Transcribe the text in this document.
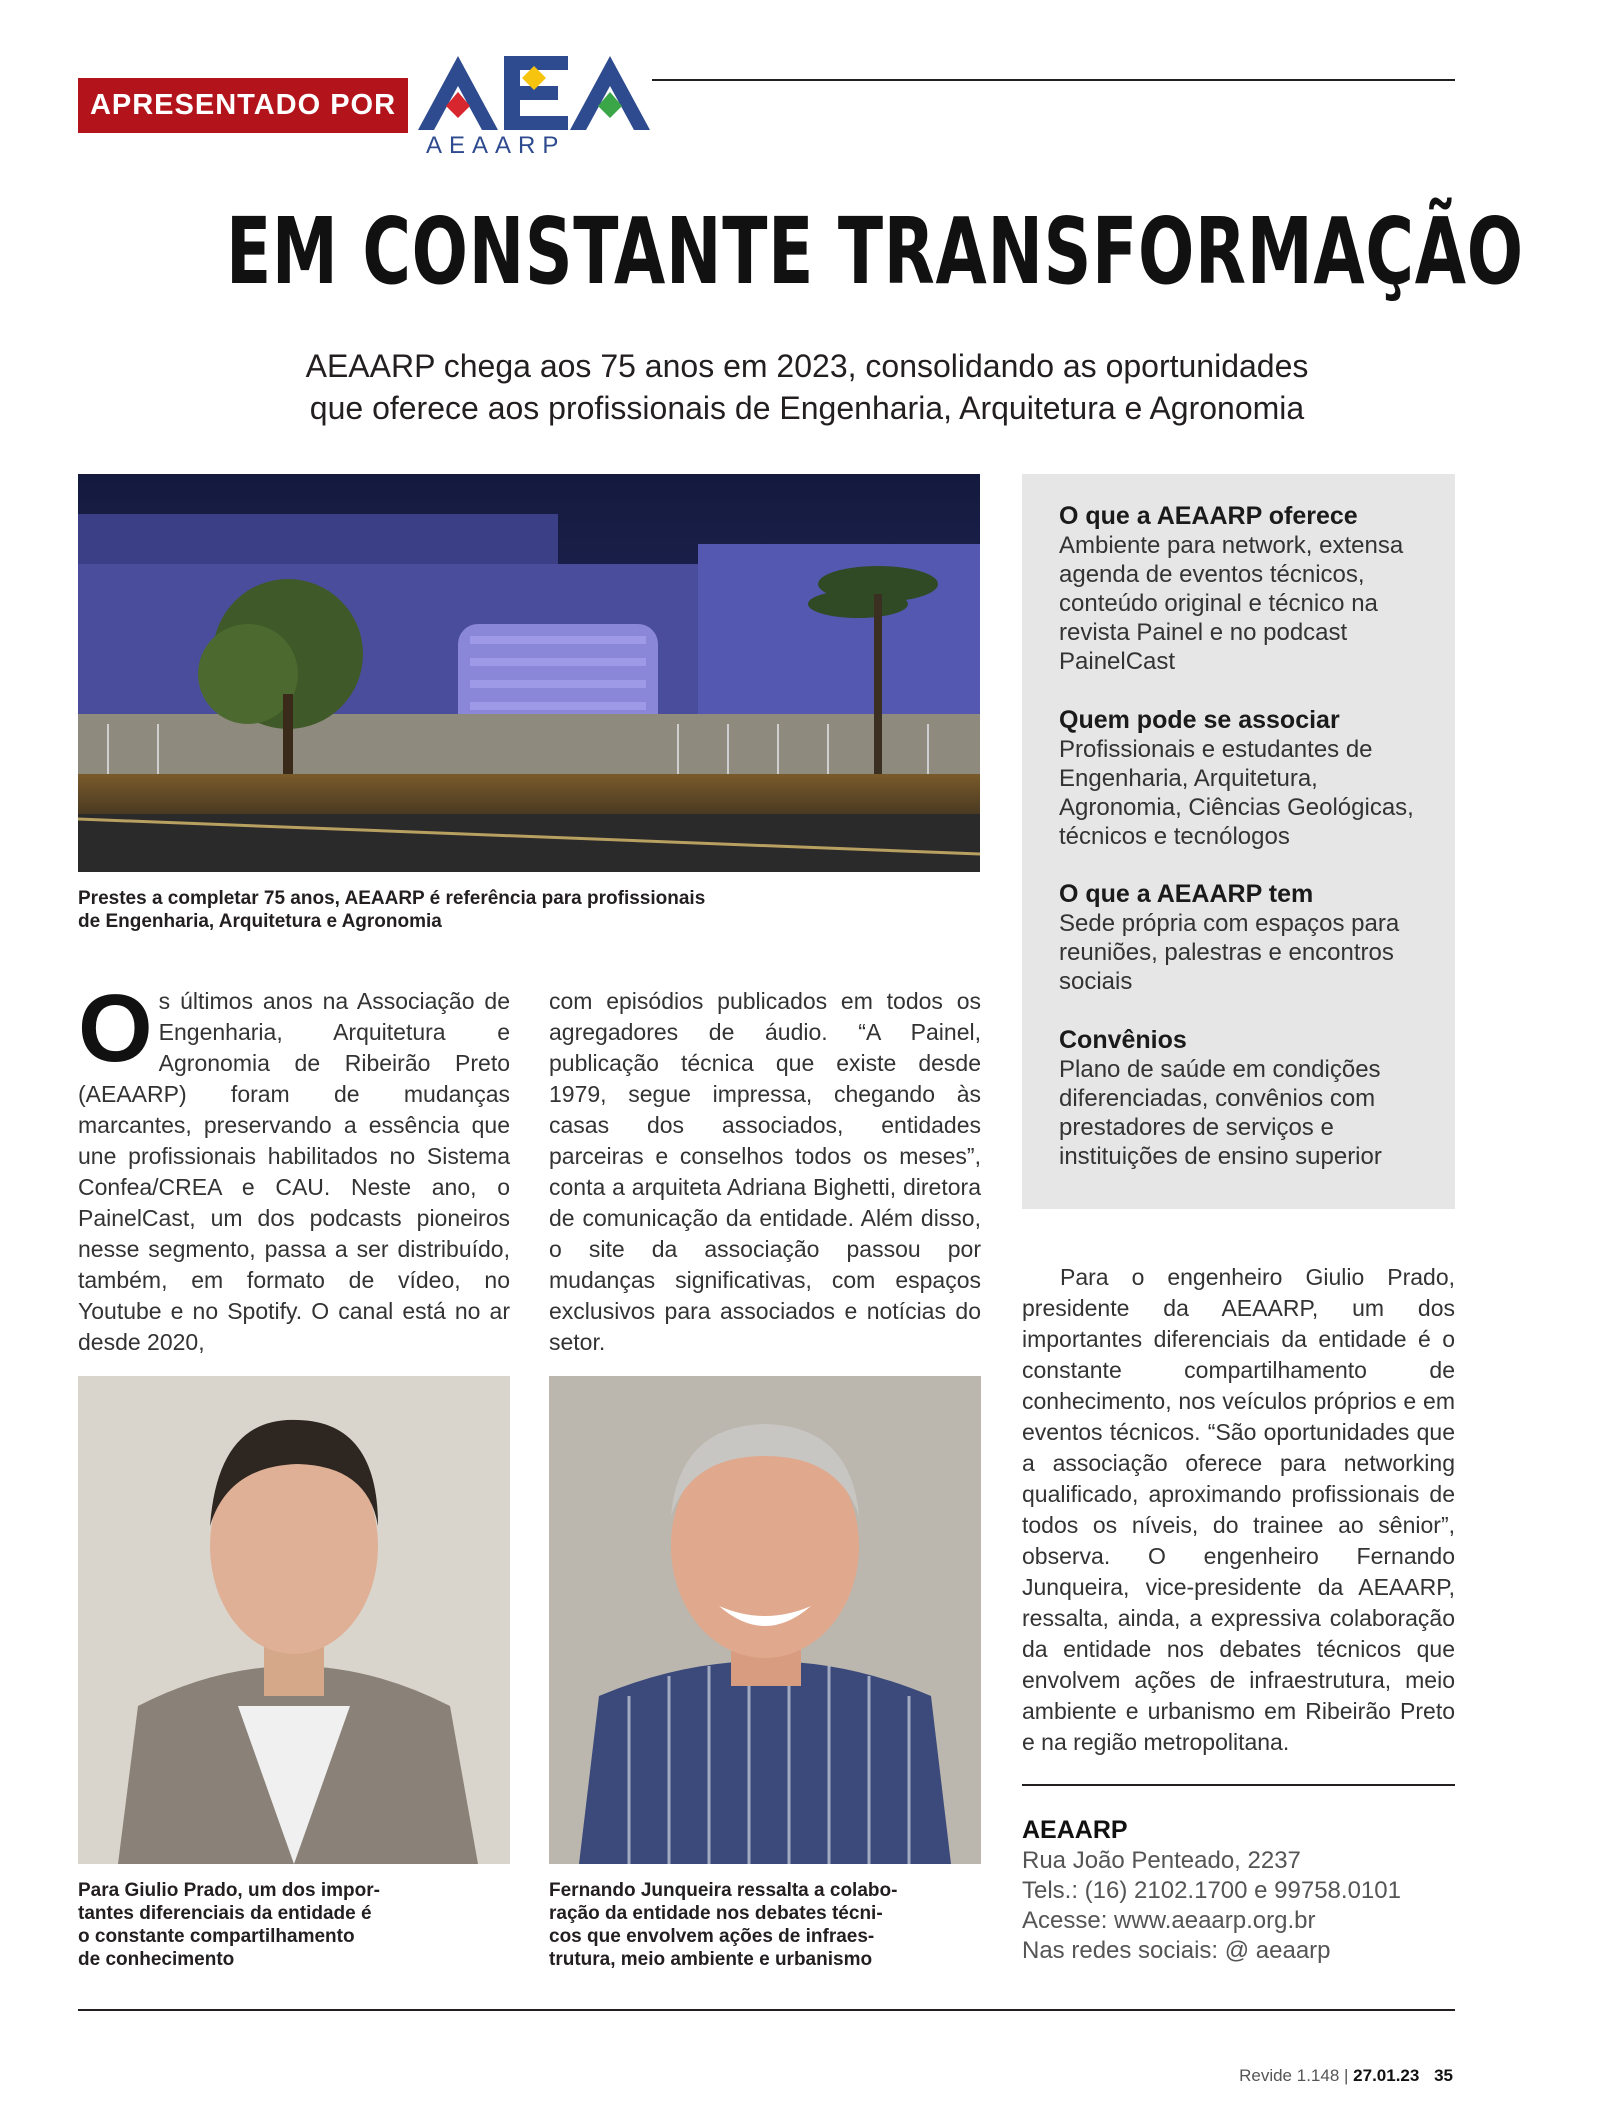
APRESENTADO POR
AEAARP
EM CONSTANTE TRANSFORMAÇÃO
AEAARP chega aos 75 anos em 2023, consolidando as oportunidades
que oferece aos profissionais de Engenharia, Arquitetura e Agronomia
Prestes a completar 75 anos, AEAARP é referência para profissionais
de Engenharia, Arquitetura e Agronomia
O que a AEAARP oferece
Ambiente para network, extensa agenda de eventos técnicos, conteúdo original e técnico na revista Painel e no podcast PainelCast
Quem pode se associar
Profissionais e estudantes de Engenharia, Arquitetura, Agronomia, Ciências Geológicas, técnicos e tecnólogos
O que a AEAARP tem
Sede própria com espaços para reuniões, palestras e encontros sociais
Convênios
Plano de saúde em condições diferenciadas, convênios com prestadores de serviços e instituições de ensino superior
Os últimos anos na Associação de Engenharia, Arquitetura e Agronomia de Ribeirão Preto (AEAARP) foram de mudanças marcantes, preservando a essência que une profissionais habilitados no Sistema Confea/CREA e CAU. Neste ano, o PainelCast, um dos podcasts pioneiros nesse segmento, passa a ser distribuído, também, em formato de vídeo, no Youtube e no Spotify. O canal está no ar desde 2020,
com episódios publicados em todos os agregadores de áudio. “A Painel, publicação técnica que existe desde 1979, segue impressa, chegando às casas dos associados, entidades parceiras e conselhos todos os meses”, conta a arquiteta Adriana Bighetti, diretora de comunicação da entidade. Além disso, o site da associação passou por mudanças significativas, com espaços exclusivos para associados e notícias do setor.
Para o engenheiro Giulio Prado, presidente da AEAARP, um dos importantes diferenciais da entidade é o constante compartilhamento de conhecimento, nos veículos próprios e em eventos técnicos. “São oportunidades que a associação oferece para networking qualificado, aproximando profissionais de todos os níveis, do trainee ao sênior”, observa. O engenheiro Fernando Junqueira, vice-presidente da AEAARP, ressalta, ainda, a expressiva colaboração da entidade nos debates técnicos que envolvem ações de infraestrutura, meio ambiente e urbanismo em Ribeirão Preto e na região metropolitana.
Para Giulio Prado, um dos impor-
tantes diferenciais da entidade é
o constante compartilhamento
de conhecimento
Fernando Junqueira ressalta a colabo-
ração da entidade nos debates técni-
cos que envolvem ações de infraes-
trutura, meio ambiente e urbanismo
AEAARP
Rua João Penteado, 2237
Tels.: (16) 2102.1700 e 99758.0101
Acesse: www.aeaarp.org.br
Nas redes sociais: @ aeaarp
Revide 1.148 | 27.01.23 35
